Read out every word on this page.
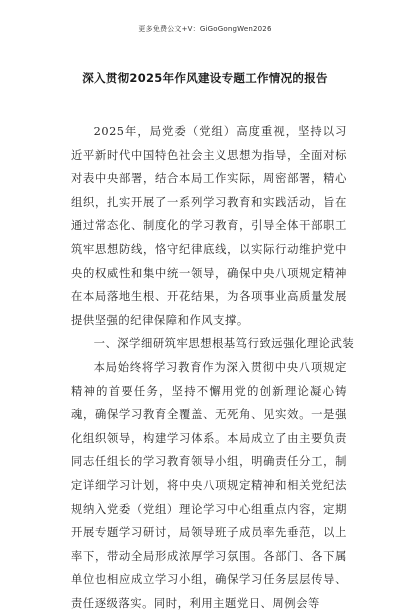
更多免费公文+V：GiGoGongWen2026
深入贯彻2025年作风建设专题工作情况的报告

2025年，局党委（党组）高度重视，坚持以习近平新时代中国特色社会主义思想为指导，全面对标对表中央部署，结合本局工作实际，周密部署，精心组织，扎实开展了一系列学习教育和实践活动，旨在通过常态化、制度化的学习教育，引导全体干部职工筑牢思想防线，恪守纪律底线，以实际行动维护党中央的权威性和集中统一领导，确保中央八项规定精神在本局落地生根、开花结果，为各项事业高质量发展提供坚强的纪律保障和作风支撑。

一、深学细研筑牢思想根基笃行致远强化理论武装

本局始终将学习教育作为深入贯彻中央八项规定精神的首要任务，坚持不懈用党的创新理论凝心铸魂，确保学习教育全覆盖、无死角、见实效。一是强化组织领导，构建学习体系。本局成立了由主要负责同志任组长的学习教育领导小组，明确责任分工，制定详细学习计划，将中央八项规定精神和相关党纪法规纳入党委（党组）理论学习中心组重点内容，定期开展专题学习研讨，局领导班子成员率先垂范，以上率下，带动全局形成浓厚学习氛围。各部门、各下属单位也相应成立学习小组，确保学习任务层层传导、责任逐级落实。同时，利用主题党日、周例会等
